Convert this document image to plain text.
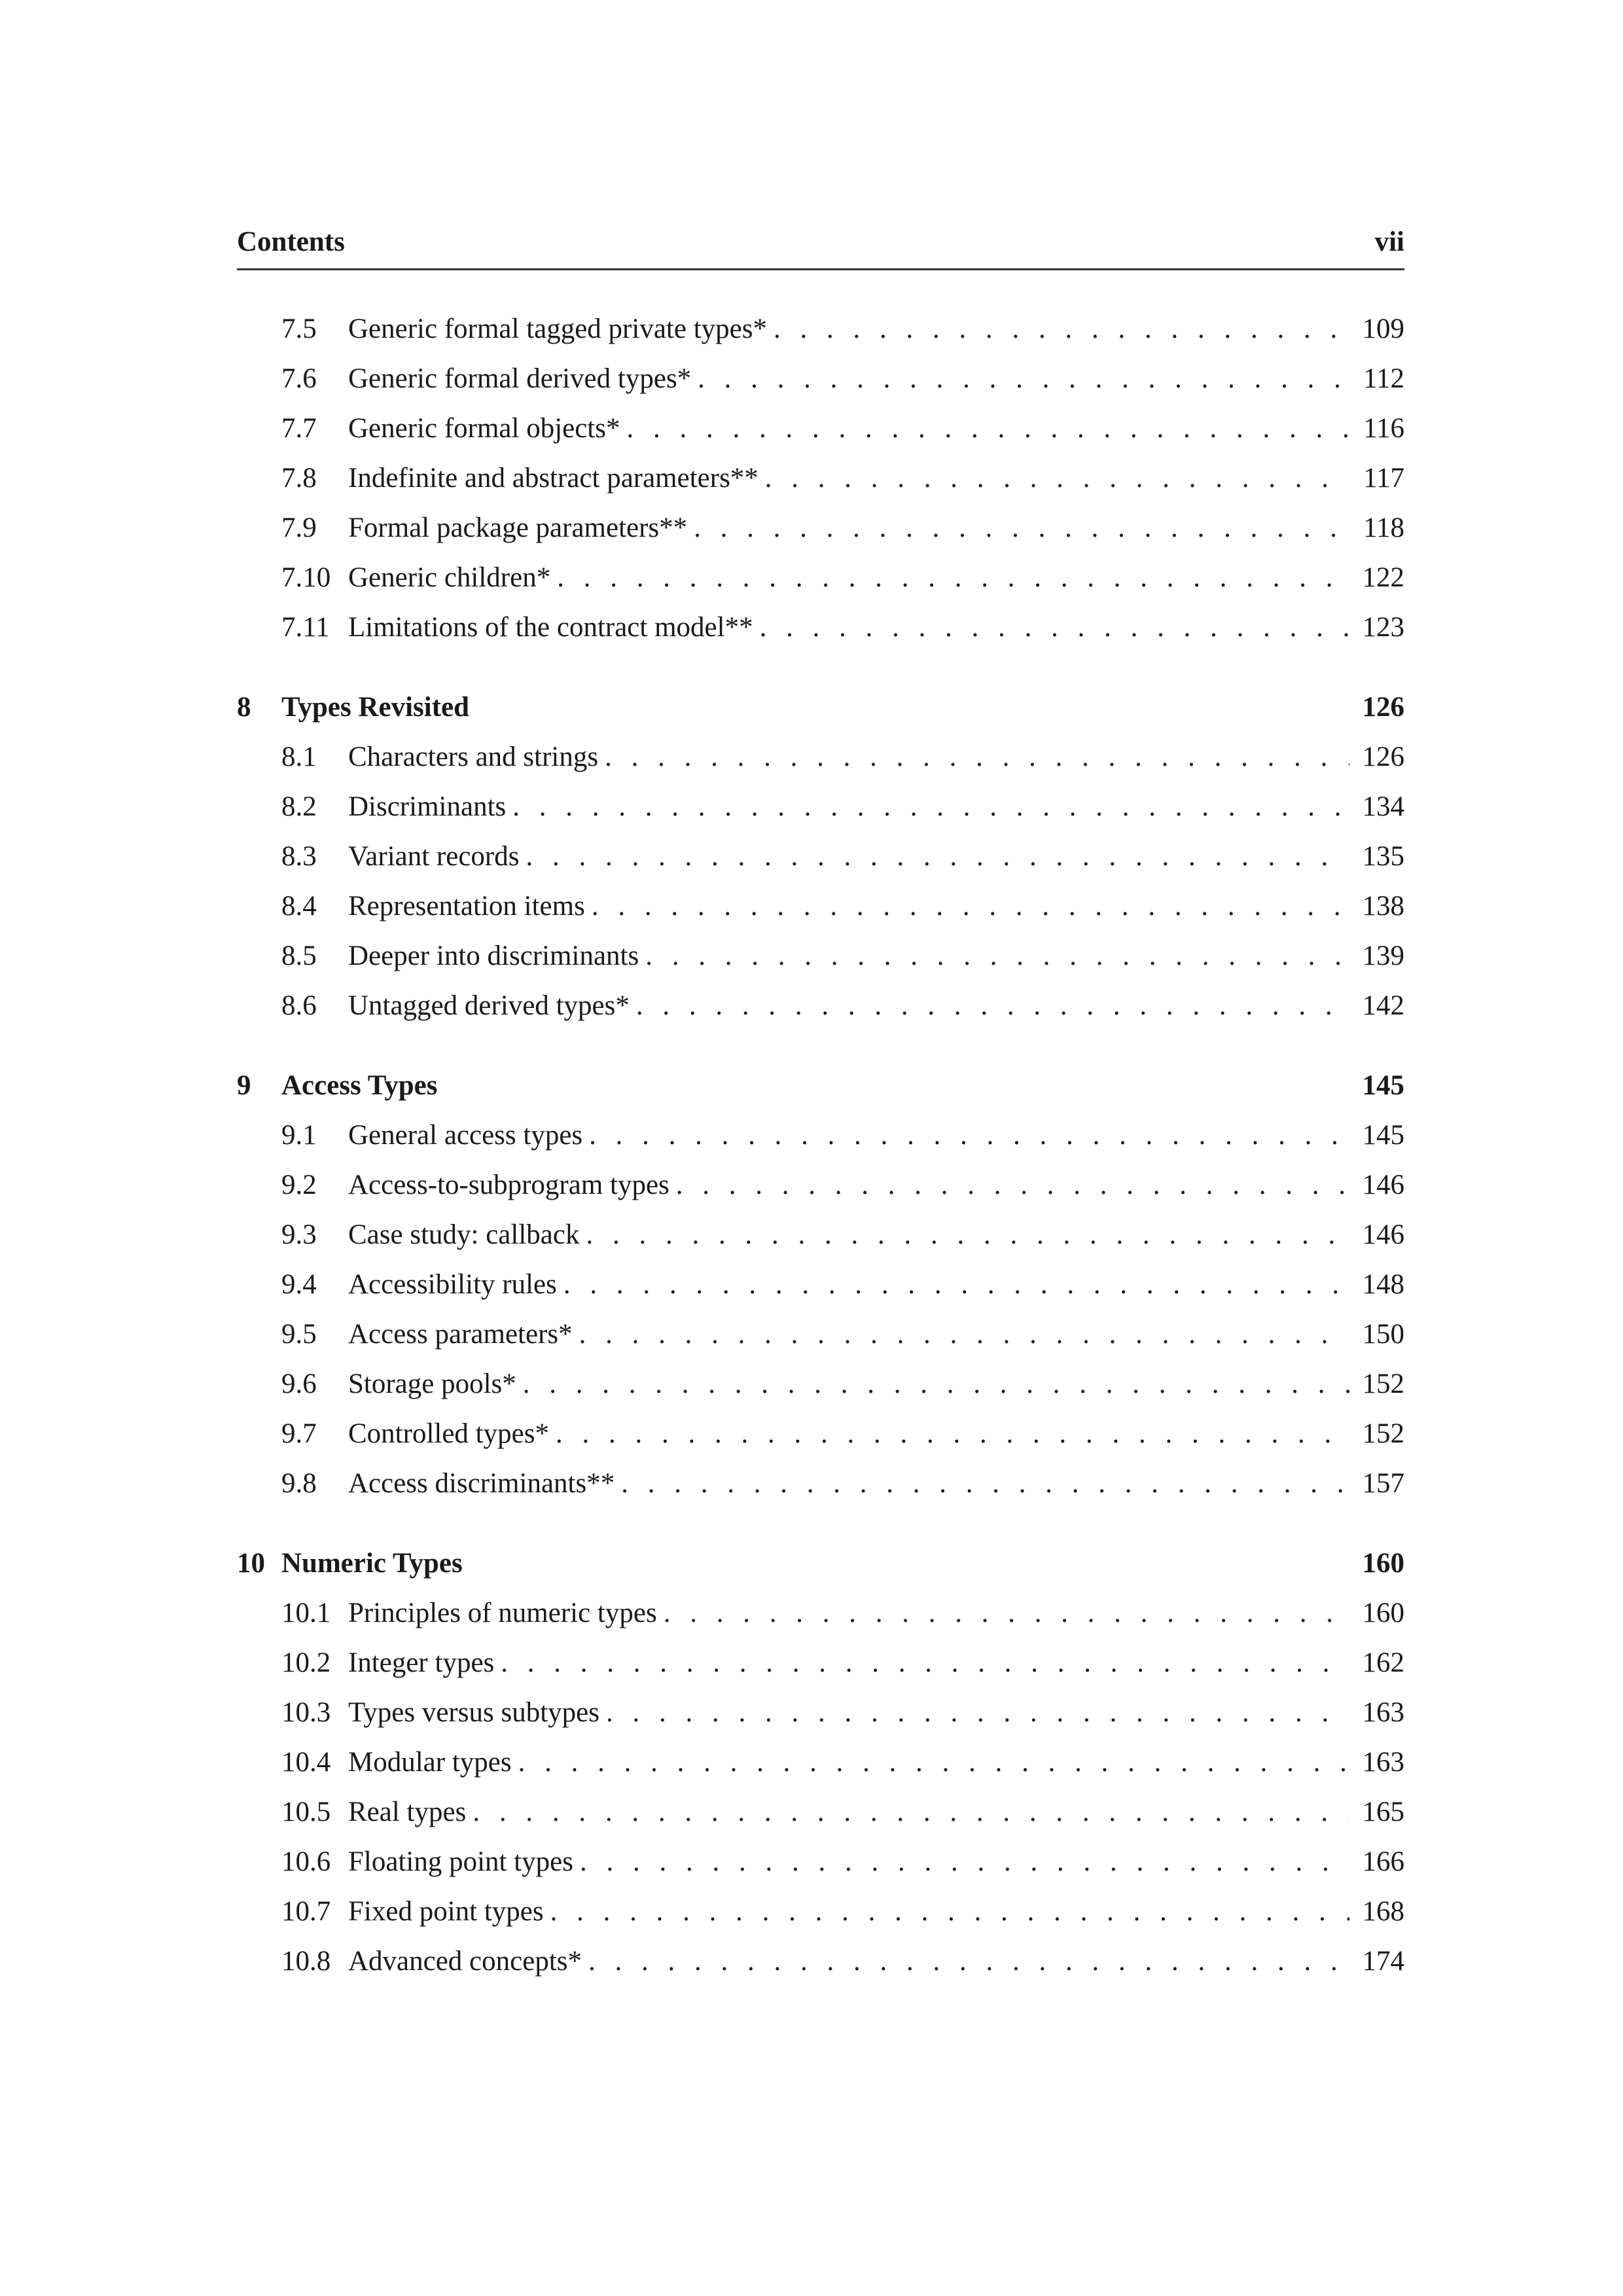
Contents	vii
7.5	Generic formal tagged private types* . . .	109
7.6	Generic formal derived types* . . .	112
7.7	Generic formal objects* . . .	116
7.8	Indefinite and abstract parameters** . . .	117
7.9	Formal package parameters** . . .	118
7.10 Generic children* . . .	122
7.11 Limitations of the contract model** . . .	123
8	Types Revisited	126
8.1	Characters and strings . . .	126
8.2	Discriminants . . .	134
8.3	Variant records . . .	135
8.4	Representation items . . .	138
8.5	Deeper into discriminants . . .	139
8.6	Untagged derived types* . . .	142
9	Access Types	145
9.1	General access types . . .	145
9.2	Access-to-subprogram types . . .	146
9.3	Case study: callback . . .	146
9.4	Accessibility rules . . .	148
9.5	Access parameters* . . .	150
9.6	Storage pools* . . .	152
9.7	Controlled types* . . .	152
9.8	Access discriminants** . . .	157
10 Numeric Types	160
10.1 Principles of numeric types . . .	160
10.2 Integer types . . .	162
10.3 Types versus subtypes . . .	163
10.4 Modular types . . .	163
10.5 Real types . . .	165
10.6 Floating point types . . .	166
10.7 Fixed point types . . .	168
10.8 Advanced concepts* . . .	174
